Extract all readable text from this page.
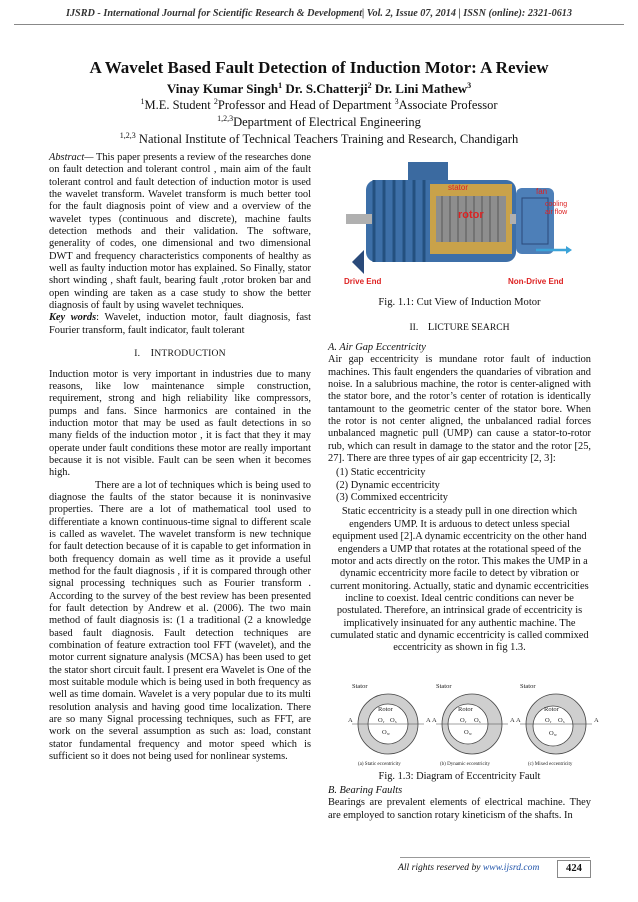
IJSRD - International Journal for Scientific Research & Development| Vol. 2, Issue 07, 2014 | ISSN (online): 2321-0613
A Wavelet Based Fault Detection of Induction Motor: A Review
Vinay Kumar Singh$^1$ Dr. S.Chatterji$^2$ Dr. Lini Mathew$^3$
$^1$M.E. Student $^2$Professor and Head of Department $^3$Associate Professor
$^{1,2,3}$Department of Electrical Engineering
$^{1,2,3}$ National Institute of Technical Teachers Training and Research, Chandigarh

Abstract— This paper presents a review of the researches done on fault detection and tolerant control , main aim of the fault tolerant control and fault detection of induction motor is used the wavelet transform. Wavelet transform is much better tool for the fault diagnosis point of view and a overview of the wavelet types (continuous and discrete), machine faults detection methods and their validation. The software, generality of codes, one dimensional and two dimensional DWT and frequency characteristics components of healthy as well as faulty induction motor has explained. So Finally, stator short winding , shaft fault, bearing fault ,rotor broken bar and open winding are taken as a case study to show the better diagnosis of fault by using wavelet techniques.

Key words: Wavelet, induction motor, fault diagnosis, fast Fourier transform, fault indicator, fault tolerant

I. INTRODUCTION

Induction motor is very important in industries due to many reasons, like low maintenance simple construction, requirement, strong and high reliability like compressors, pumps and fans. Since harmonics are contained in the induction motor that may be used as fault detections in so many fields of the induction motor , it is fact that they it may operate under fault conditions these motor are really important because it is not visible. Fault can be seen when it becomes high.

There are a lot of techniques which is being used to diagnose the faults of the stator because it is noninvasive properties. There are a lot of mathematical tool used to differentiate a known continuous-time signal to different scale is called as wavelet. The wavelet transform is new technique for fault detection because of it is capable to get information in both frequency domain as well time as it provide a useful method for the fault diagnosis , if it is compared through other signal processing techniques such as Fourier transform . According to the survey of the best review has been presented for fault detection by Andrew et al. (2006). The two main method of fault diagnosis is: (1 a traditional (2 a knowledge based fault diagnosis. Fault detection techniques are combination of feature extraction tool FFT (wavelet), and the motor current signature analysis (MCSA) has been used to get the stator short circuit fault. I present era Wavelet is One of the most suitable module which is being used in both frequency as well as time domain. Wavelet is a very popular due to its multi resolution analysis and having good time localization. There are so many Signal processing techniques, such as FFT, are work on the several assumption as such as: load, constant stator fundamental frequency and motor speed which is sufficient so it does not being used for nonlinear systems.

stator
rotor
fan
cooling
air flow
Drive End	Non-Drive End
Fig. 1.1: Cut View of Induction Motor
II. LICTURE SEARCH

A. Air Gap Eccentricity

Air gap eccentricity is mundane rotor fault of induction machines. This fault engenders the quandaries of vibration and noise. In a salubrious machine, the rotor is center-aligned with the stator bore, and the rotor’s center of rotation is identically tantamount to the geometric center of the stator bore. When the rotor is not center aligned, the unbalanced radial forces unbalanced magnetic pull (UMP) can cause a stator-to-rotor rub, which can result in damage to the stator and the rotor [25, 27]. There are three types of air gap eccentricity [2, 3]:

(1) Static eccentricity
(2) Dynamic eccentricity
(3) Commixed eccentricity

Static eccentricity is a steady pull in one direction which engenders UMP. It is arduous to detect unless special equipment used [2].A dynamic eccentricity on the other hand engenders a UMP that rotates at the rotational speed of the motor and acts directly on the rotor. This makes the UMP in a dynamic eccentricity more facile to detect by vibration or current monitoring. Actually, static and dynamic eccentricities incline to coexist. Ideal centric conditions can never be postulated. Therefore, an intrinsical grade of eccentricity is implicatively insinuated for any authentic machine. The cumulated static and dynamic eccentricity is called commixed eccentricity as shown in fig 1.3.

Stator
A	A
Rotor
O r O s
O w
(a) Static eccentricity
Stator
A	A
Rotor
O r O s
O w
(b) Dynamic eccentricity
Stator
A	A
Rotor
O r O s
O w
(c) Mixed eccentricity
Fig. 1.3: Diagram of Eccentricity Fault

B. Bearing Faults

Bearings are prevalent elements of electrical machine. They are employed to sanction rotary kineticism of the shafts. In

All rights reserved by www.ijsrd.com	424
